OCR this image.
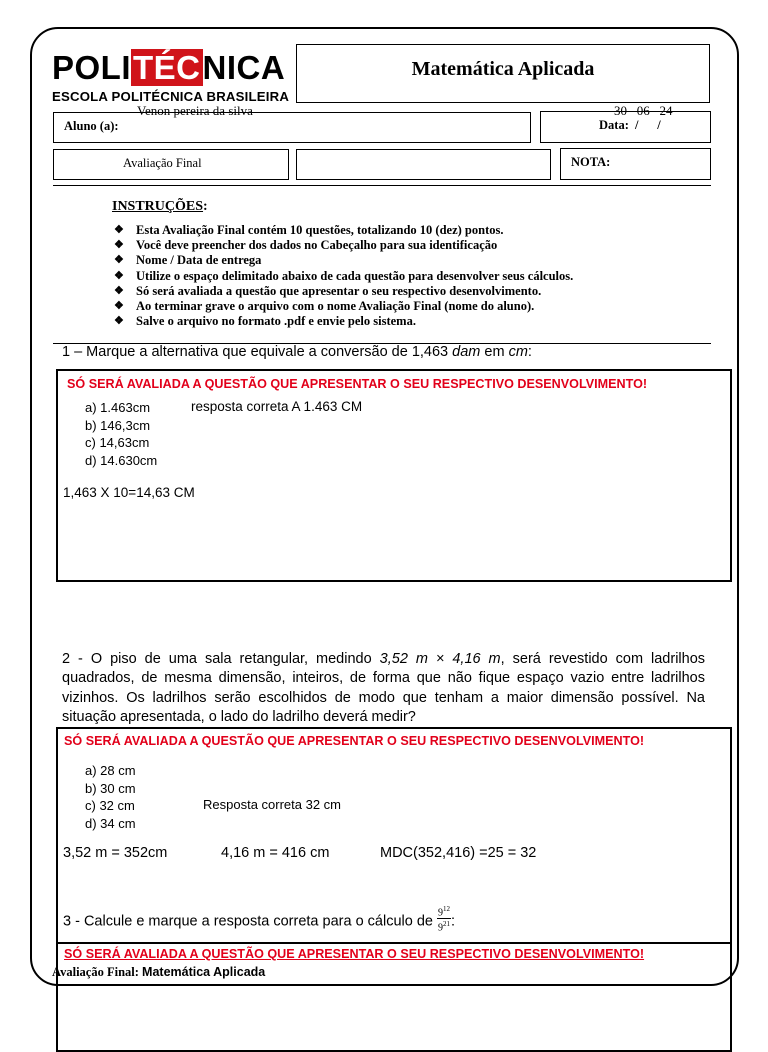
POLITÉCNICA
ESCOLA POLITÉCNICA BRASILEIRA
Matemática Aplicada
Venon pereira da silva	30   06   24
Aluno (a):	Data: /      /
Avaliação Final	NOTA:
INSTRUÇÕES:
❖ Esta Avaliação Final contém 10 questões, totalizando 10 (dez) pontos.
❖ Você deve preencher dos dados no Cabeçalho para sua identificação
❖ Nome / Data de entrega
❖ Utilize o espaço delimitado abaixo de cada questão para desenvolver seus cálculos.
❖ Só será avaliada a questão que apresentar o seu respectivo desenvolvimento.
❖ Ao terminar grave o arquivo com o nome Avaliação Final (nome do aluno).
❖ Salve o arquivo no formato .pdf e envie pelo sistema.
1 – Marque a alternativa que equivale a conversão de 1,463 dam em cm:
SÓ SERÁ AVALIADA A QUESTÃO QUE APRESENTAR O SEU RESPECTIVO DESENVOLVIMENTO!
a) 1.463cm
b) 146,3cm
c) 14,63cm
d) 14.630cm
resposta correta A 1.463 CM
1,463 X 10=14,63 CM
2 - O piso de uma sala retangular, medindo 3,52 m × 4,16 m, será revestido com ladrilhos quadrados, de mesma dimensão, inteiros, de forma que não fique espaço vazio entre ladrilhos vizinhos. Os ladrilhos serão escolhidos de modo que tenham a maior dimensão possível. Na situação apresentada, o lado do ladrilho deverá medir?
SÓ SERÁ AVALIADA A QUESTÃO QUE APRESENTAR O SEU RESPECTIVO DESENVOLVIMENTO!
a) 28 cm
b) 30 cm
c) 32 cm
d) 34 cm
Resposta correta 32 cm
3,52 m = 352cm	4,16 m = 416 cm	MDC(352,416) =25 = 32
3 - Calcule e marque a resposta correta para o cálculo de $\frac{9^{12}}{9^{21}}$ :
SÓ SERÁ AVALIADA A QUESTÃO QUE APRESENTAR O SEU RESPECTIVO DESENVOLVIMENTO!
Avaliação Final: Matemática Aplicada
